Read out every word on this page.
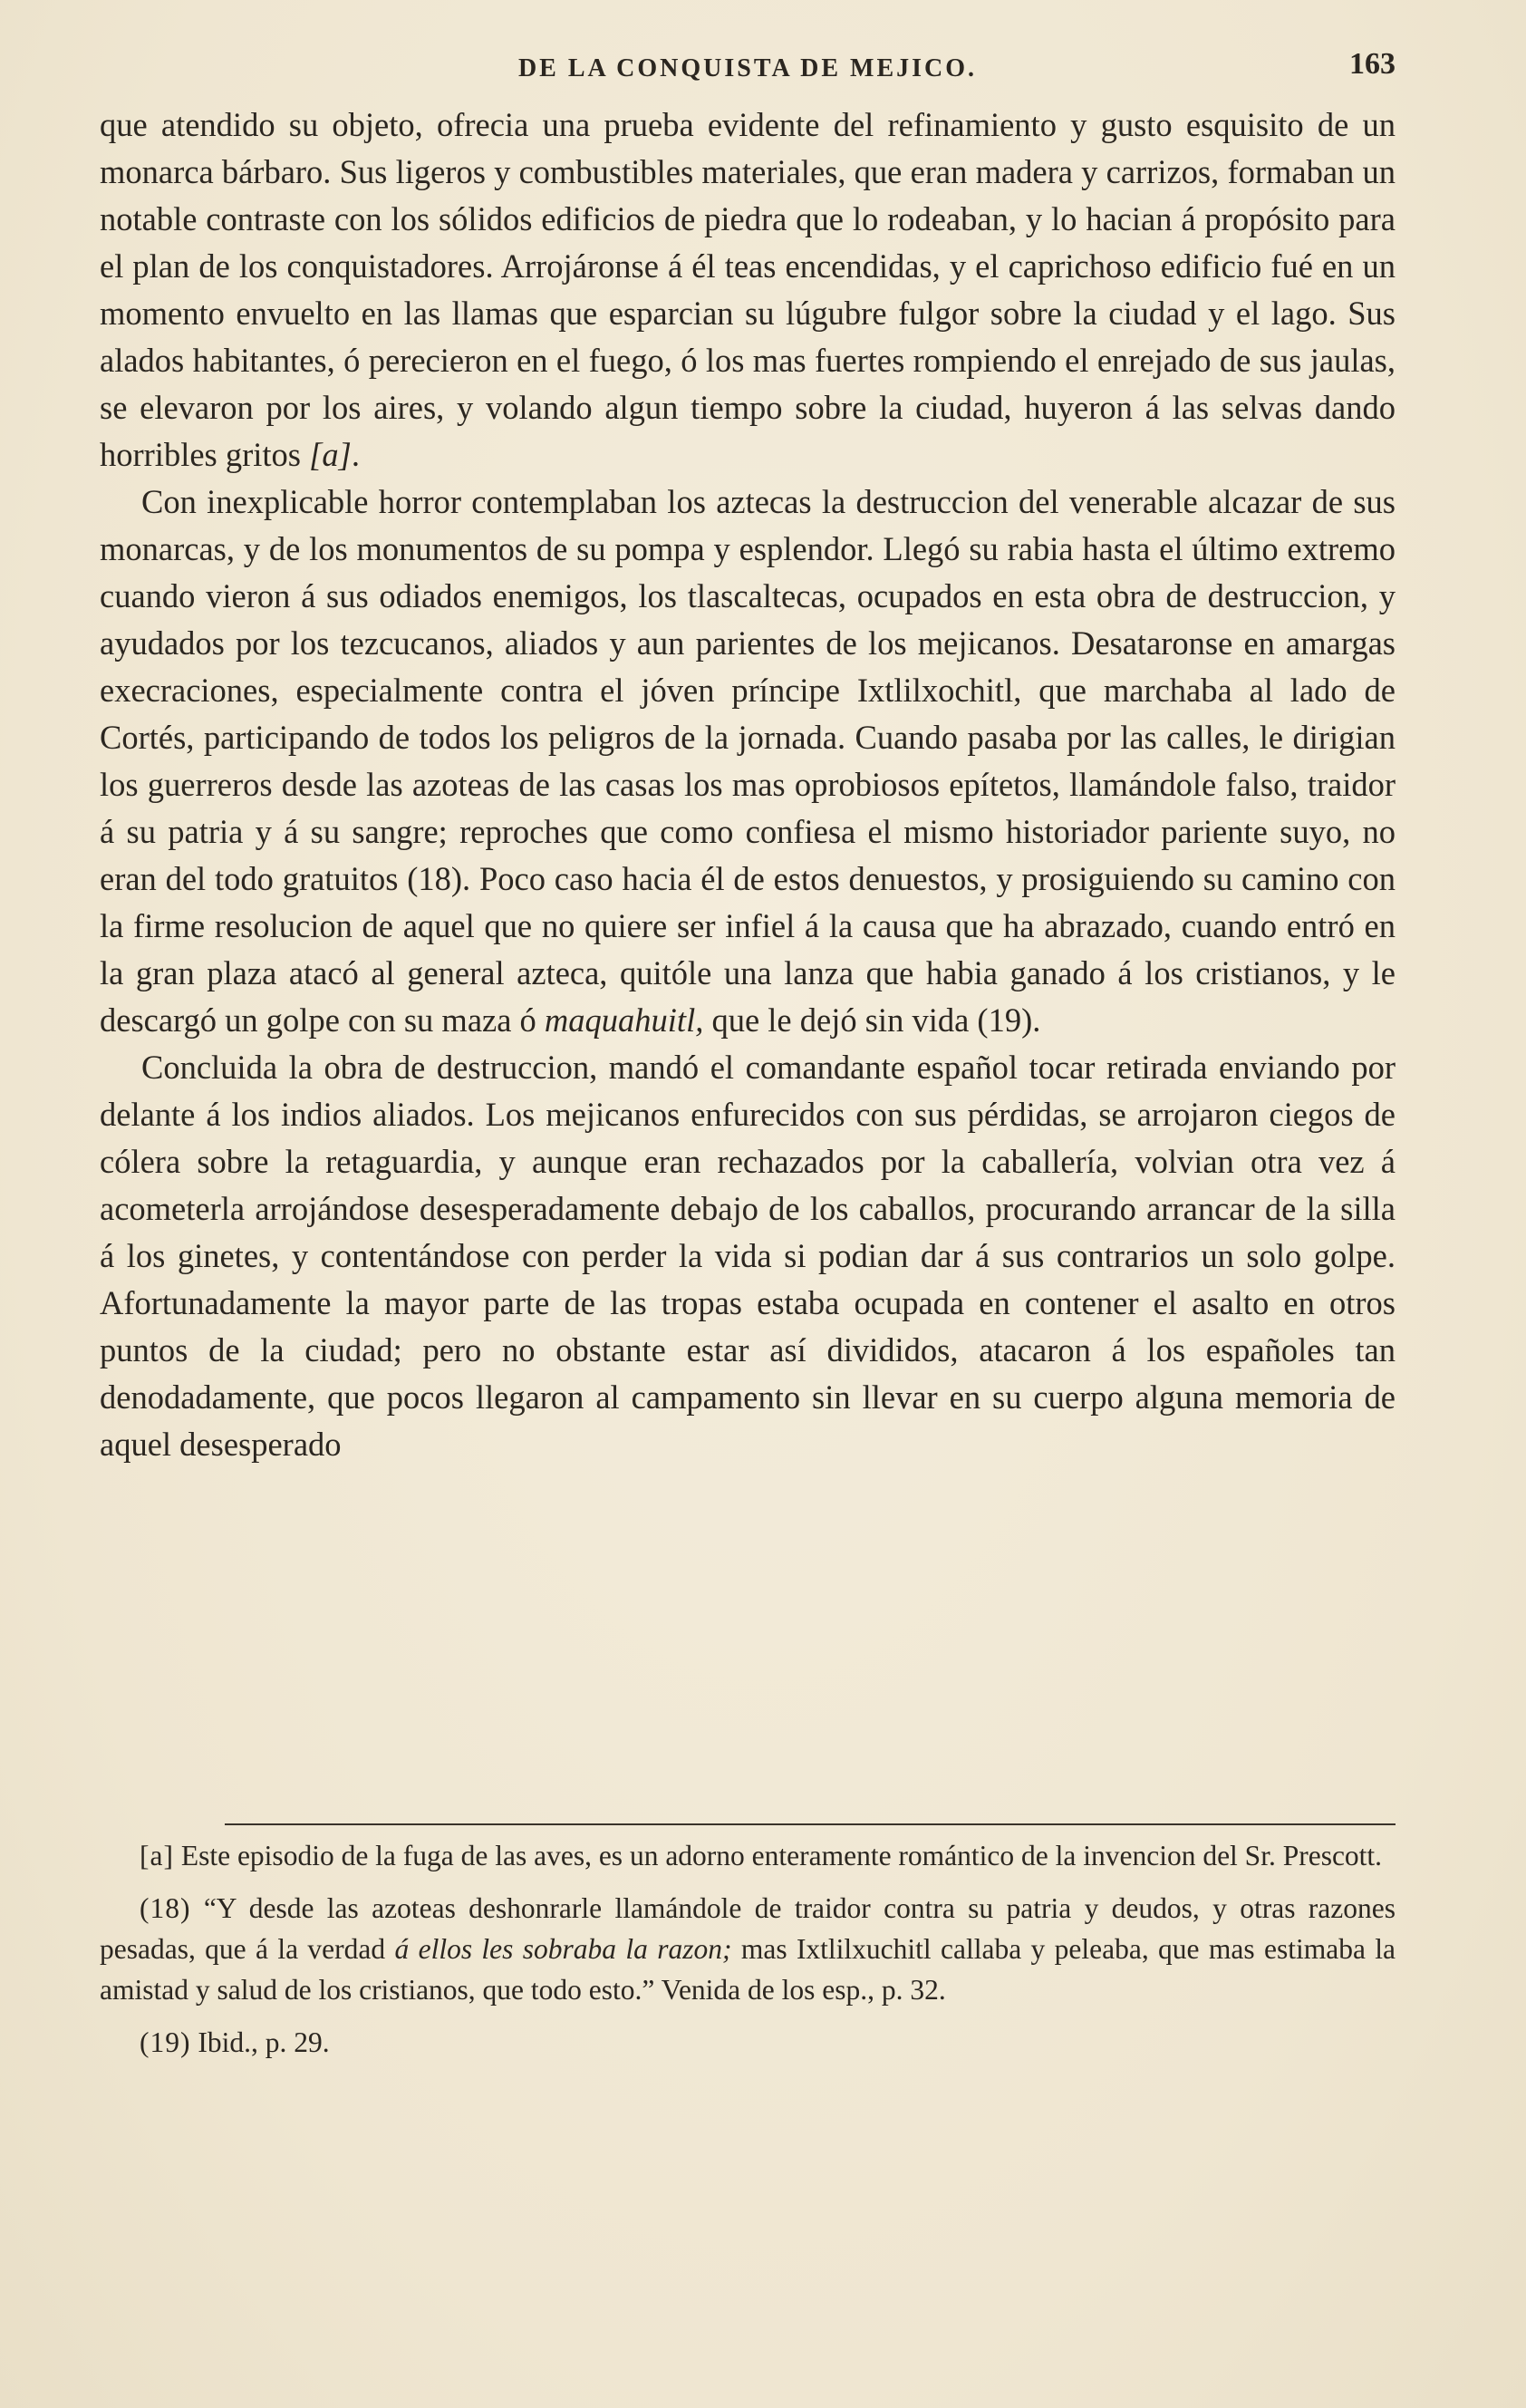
DE LA CONQUISTA DE MEJICO.	163

que atendido su objeto, ofrecia una prueba evidente del refinamiento y gusto esquisito de un monarca bárbaro. Sus ligeros y combustibles materiales, que eran madera y carrizos, formaban un notable contraste con los sólidos edificios de piedra que lo rodeaban, y lo hacian á propósito para el plan de los conquistadores. Arrojáronse á él teas encendidas, y el caprichoso edificio fué en un momento envuelto en las llamas que esparcian su lúgubre fulgor sobre la ciudad y el lago. Sus alados habitantes, ó perecieron en el fuego, ó los mas fuertes rompiendo el enrejado de sus jaulas, se elevaron por los aires, y volando algun tiempo sobre la ciudad, huyeron á las selvas dando horribles gritos [a].

Con inexplicable horror contemplaban los aztecas la destruccion del venerable alcazar de sus monarcas, y de los monumentos de su pompa y esplendor. Llegó su rabia hasta el último extremo cuando vieron á sus odiados enemigos, los tlascaltecas, ocupados en esta obra de destruccion, y ayudados por los tezcucanos, aliados y aun parientes de los mejicanos. Desataronse en amargas execraciones, especialmente contra el jóven príncipe Ixtlilxochitl, que marchaba al lado de Cortés, participando de todos los peligros de la jornada. Cuando pasaba por las calles, le dirigian los guerreros desde las azoteas de las casas los mas oprobiosos epítetos, llamándole falso, traidor á su patria y á su sangre; reproches que como confiesa el mismo historiador pariente suyo, no eran del todo gratuitos (18). Poco caso hacia él de estos denuestos, y prosiguiendo su camino con la firme resolucion de aquel que no quiere ser infiel á la causa que ha abrazado, cuando entró en la gran plaza atacó al general azteca, quitóle una lanza que habia ganado á los cristianos, y le descargó un golpe con su maza ó maquahuitl, que le dejó sin vida (19).

Concluida la obra de destruccion, mandó el comandante español tocar retirada enviando por delante á los indios aliados. Los mejicanos enfurecidos con sus pérdidas, se arrojaron ciegos de cólera sobre la retaguardia, y aunque eran rechazados por la caballería, volvian otra vez á acometerla arrojándose desesperadamente debajo de los caballos, procurando arrancar de la silla á los ginetes, y contentándose con perder la vida si podian dar á sus contrarios un solo golpe. Afortunadamente la mayor parte de las tropas estaba ocupada en contener el asalto en otros puntos de la ciudad; pero no obstante estar así divididos, atacaron á los españoles tan denodadamente, que pocos llegaron al campamento sin llevar en su cuerpo alguna memoria de aquel desesperado

[a] Este episodio de la fuga de las aves, es un adorno enteramente romántico de la invencion del Sr. Prescott.

(18) “Y desde las azoteas deshonrarle llamándole de traidor contra su patria y deudos, y otras razones pesadas, que á la verdad á ellos les sobraba la razon; mas Ixtlilxuchitl callaba y peleaba, que mas estimaba la amistad y salud de los cristianos, que todo esto.” Venida de los esp., p. 32.

(19) Ibid., p. 29.
